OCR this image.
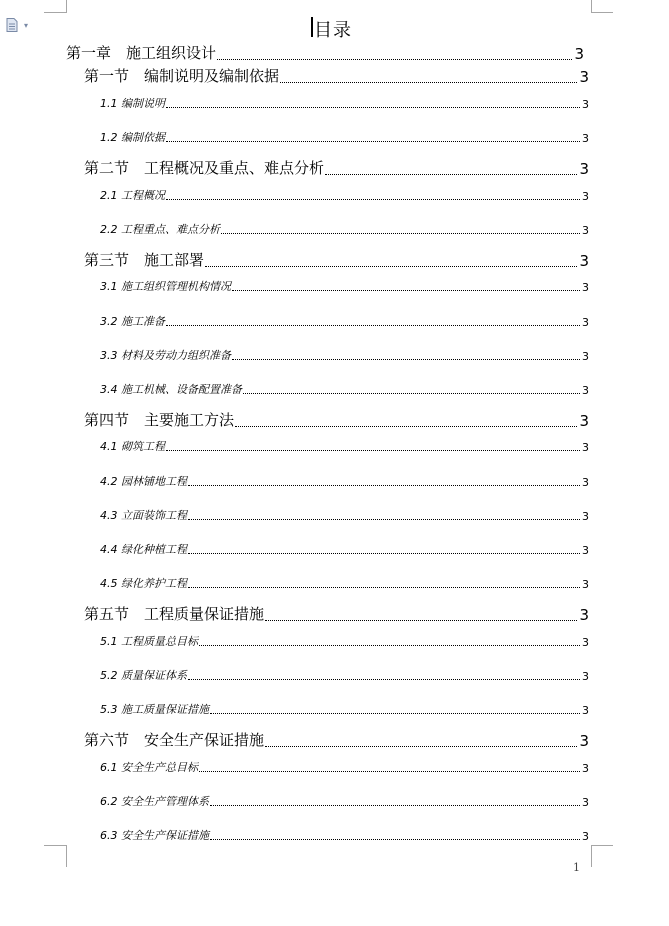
▾	目录
第一章　施工组织设计	3
第一节　编制说明及编制依据	3
1.1 编制说明	3
1.2 编制依据	3
第二节　工程概况及重点、难点分析	3
2.1 工程概况	3
2.2 工程重点、难点分析	3
第三节　施工部署	3
3.1 施工组织管理机构情况	3
3.2 施工准备	3
3.3 材料及劳动力组织准备	3
3.4 施工机械、设备配置准备	3
第四节　主要施工方法	3
4.1 砌筑工程	3
4.2 园林铺地工程	3
4.3 立面装饰工程	3
4.4 绿化种植工程	3
4.5 绿化养护工程	3
第五节　工程质量保证措施	3
5.1 工程质量总目标	3
5.2 质量保证体系	3
5.3 施工质量保证措施	3
第六节　安全生产保证措施	3
6.1 安全生产总目标	3
6.2 安全生产管理体系	3
6.3 安全生产保证措施	3
1
